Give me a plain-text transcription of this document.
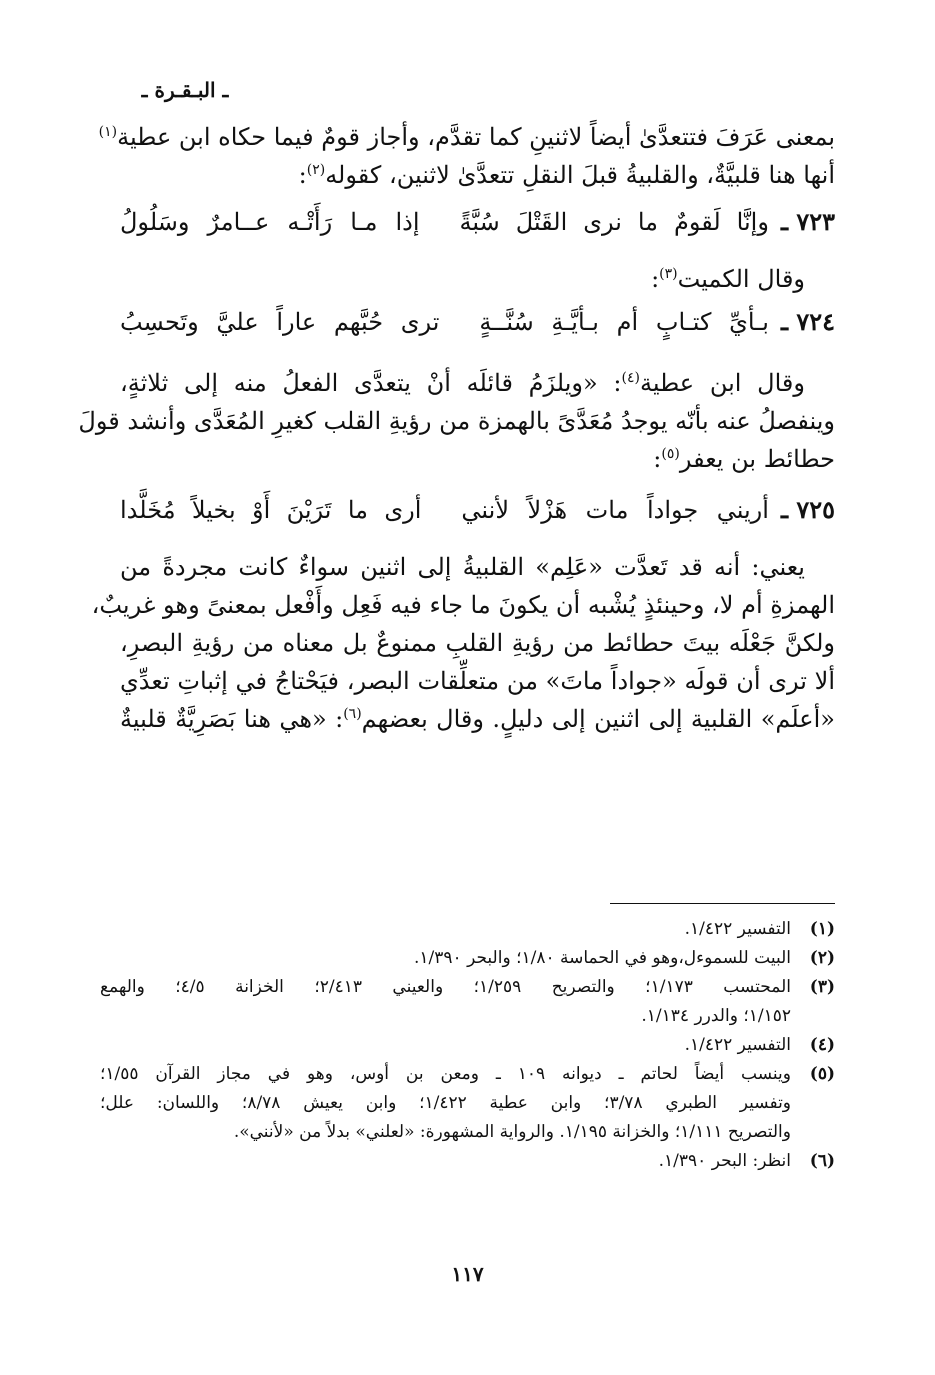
ـ البـقـرة ـ
بمعنى عَرَفَ فتتعدَّىٰ أيضاً لاثنينِ كما تقدَّم، وأجاز قومٌ فيما حكاه ابن عطية$^{(١)}$
أنها هنا قلبيَّةٌ، والقلبيةُ قبلَ النقلِ تتعدَّىٰ لاثنين، كقوله$^{(٢)}$:
٧٢٣ ـ
وإنَّا لَقومٌ ما نرى القَتْلَ سُبَّةً
إذا مـا رَأَتْـه عــامرٌ وسَلُولُ
وقال الكميت$^{(٣)}$:
٧٢٤ ـ
بـأيِّ كتـابٍ أم بـأيَّـةِ سُنَّــةٍ
ترى حُبَّهم عاراً عليَّ وتَحسِبُ
وقال ابن عطية$^{(٤)}$: «ويلزَمُ قائلَه أنْ يتعدَّى الفعلُ منه إلى ثلاثةٍ،
وينفصلُ عنه بأنّه يوجدُ مُعَدَّىً بالهمزة من رؤيةِ القلب كغيرِ المُعَدَّى وأنشد قولَ
حطائط بن يعفر$^{(٥)}$:
٧٢٥ ـ
أريني جواداً مات هَزْلاً لأنني
أرى ما تَرَيْنَ أَوْ بخيلاً مُخَلَّدا
يعني: أنه قد تَعدَّت «عَلِم» القلبيةُ إلى اثنين سواءٌ كانت مجردةً من
الهمزةِ أم لا، وحينئذٍ يُشْبه أن يكونَ ما جاء فيه فَعِل وأَفْعل بمعنىً وهو غريبٌ،
ولكنَّ جَعْلَه بيتَ حطائط من رؤيةِ القلبِ ممنوعٌ بل معناه من رؤيةِ البصرِ،
ألا ترى أن قولَه «جواداً ماتَ» من متعلِّقات البصر، فيَحْتاجُ في إثباتِ تعدِّي
«أعلَم» القلبية إلى اثنين إلى دليلٍ. وقال بعضهم$^{(٦)}$: «هي هنا بَصَرِيَّةٌ قلبيةٌ
(١)
التفسير ١/٤٢٢.
(٢)
البيت للسموءل،وهو في الحماسة ١/٨٠؛ والبحر ١/٣٩٠.
(٣)
المحتسب ١/١٧٣؛ والتصريح ١/٢٥٩؛ والعيني ٢/٤١٣؛ الخزانة ٤/٥؛ والهمع
١/١٥٢؛ والدرر ١/١٣٤.
(٤)
التفسير ١/٤٢٢.
(٥)
وينسب أيضاً لحاتم ـ ديوانه ١٠٩ ـ ومعن بن أوس، وهو في مجاز القرآن ١/٥٥؛
وتفسير الطبري ٣/٧٨؛ وابن عطية ١/٤٢٢؛ وابن يعيش ٨/٧٨؛ واللسان: علل؛
والتصريح ١/١١١؛ والخزانة ١/١٩٥. والرواية المشهورة: «لعلني» بدلاً من «لأنني».
(٦)
انظر: البحر ١/٣٩٠.
١١٧
